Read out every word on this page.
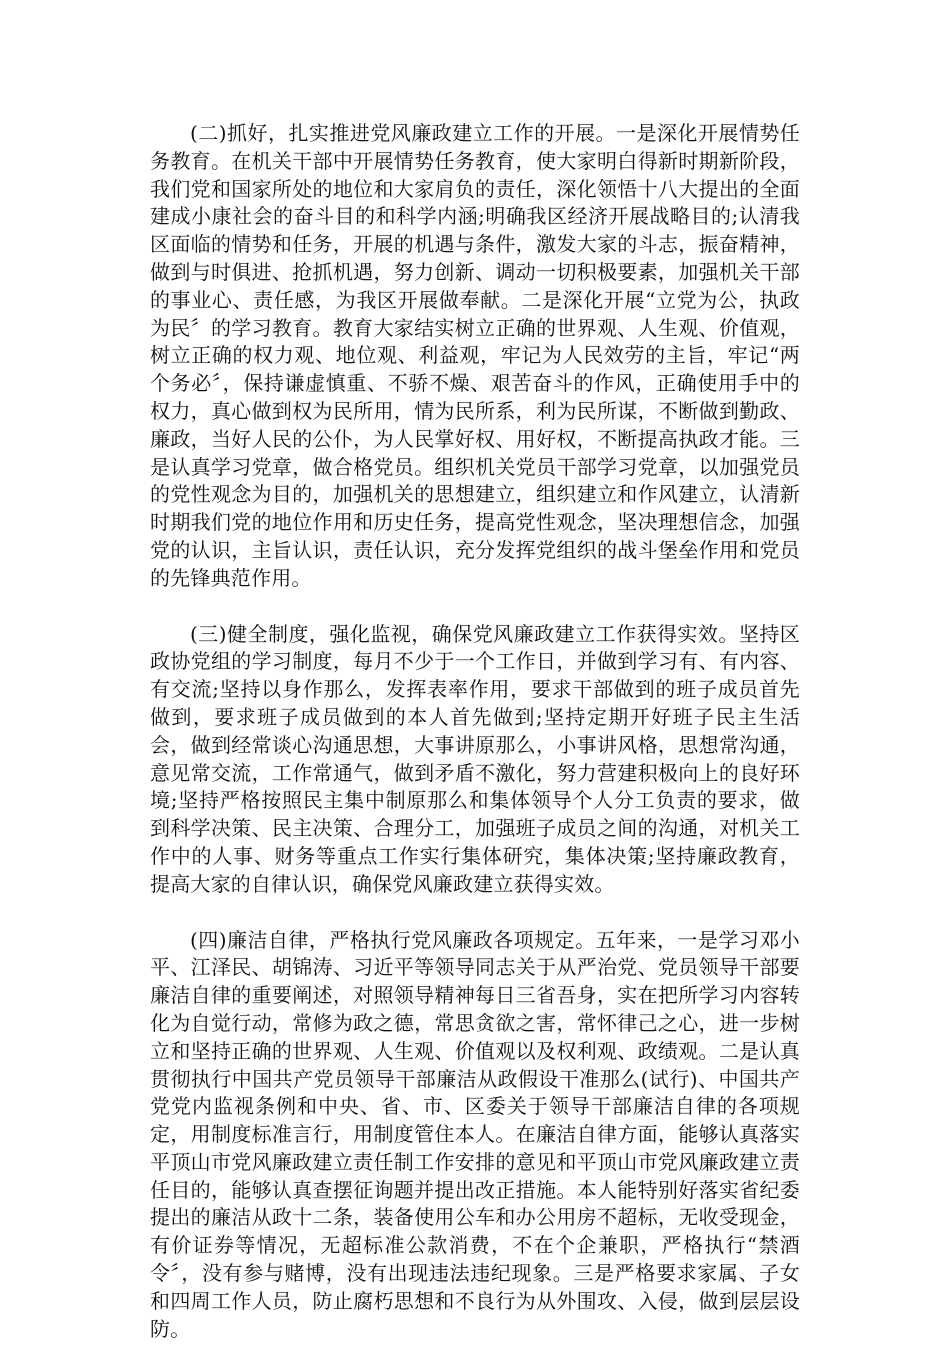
(二)抓好，扎实推进党风廉政建立工作的开展。一是深化开展情势任务教育。在机关干部中开展情势任务教育，使大家明白得新时期新阶段，我们党和国家所处的地位和大家肩负的责任，深化领悟十八大提出的全面建成小康社会的奋斗目的和科学内涵;明确我区经济开展战略目的;认清我区面临的情势和任务，开展的机遇与条件，激发大家的斗志，振奋精神，做到与时俱进、抢抓机遇，努力创新、调动一切积极要素，加强机关干部的事业心、责任感，为我区开展做奉献。二是深化开展“立党为公，执政为民〞的学习教育。教育大家结实树立正确的世界观、人生观、价值观，树立正确的权力观、地位观、利益观，牢记为人民效劳的主旨，牢记“两个务必〞，保持谦虚慎重、不骄不燥、艰苦奋斗的作风，正确使用手中的权力，真心做到权为民所用，情为民所系，利为民所谋，不断做到勤政、廉政，当好人民的公仆，为人民掌好权、用好权，不断提高执政才能。三是认真学习党章，做合格党员。组织机关党员干部学习党章，以加强党员的党性观念为目的，加强机关的思想建立，组织建立和作风建立，认清新时期我们党的地位作用和历史任务，提高党性观念，坚决理想信念，加强党的认识，主旨认识，责任认识，充分发挥党组织的战斗堡垒作用和党员的先锋典范作用。

(三)健全制度，强化监视，确保党风廉政建立工作获得实效。坚持区政协党组的学习制度，每月不少于一个工作日，并做到学习有、有内容、有交流;坚持以身作那么，发挥表率作用，要求干部做到的班子成员首先做到，要求班子成员做到的本人首先做到;坚持定期开好班子民主生活会，做到经常谈心沟通思想，大事讲原那么，小事讲风格，思想常沟通，意见常交流，工作常通气，做到矛盾不激化，努力营建积极向上的良好环境;坚持严格按照民主集中制原那么和集体领导个人分工负责的要求，做到科学决策、民主决策、合理分工，加强班子成员之间的沟通，对机关工作中的人事、财务等重点工作实行集体研究，集体决策;坚持廉政教育，提高大家的自律认识，确保党风廉政建立获得实效。

(四)廉洁自律，严格执行党风廉政各项规定。五年来，一是学习邓小平、江泽民、胡锦涛、习近平等领导同志关于从严治党、党员领导干部要廉洁自律的重要阐述，对照领导精神每日三省吾身，实在把所学习内容转化为自觉行动，常修为政之德，常思贪欲之害，常怀律己之心，进一步树立和坚持正确的世界观、人生观、价值观以及权利观、政绩观。二是认真贯彻执行中国共产党员领导干部廉洁从政假设干准那么(试行)、中国共产党党内监视条例和中央、省、市、区委关于领导干部廉洁自律的各项规定，用制度标准言行，用制度管住本人。在廉洁自律方面，能够认真落实平顶山市党风廉政建立责任制工作安排的意见和平顶山市党风廉政建立责任目的，能够认真查摆征询题并提出改正措施。本人能特别好落实省纪委提出的廉洁从政十二条，装备使用公车和办公用房不超标，无收受现金，有价证券等情况，无超标准公款消费，不在个企兼职，严格执行“禁酒令〞，没有参与赌博，没有出现违法违纪现象。三是严格要求家属、子女和四周工作人员，防止腐朽思想和不良行为从外围攻、入侵，做到层层设防。
